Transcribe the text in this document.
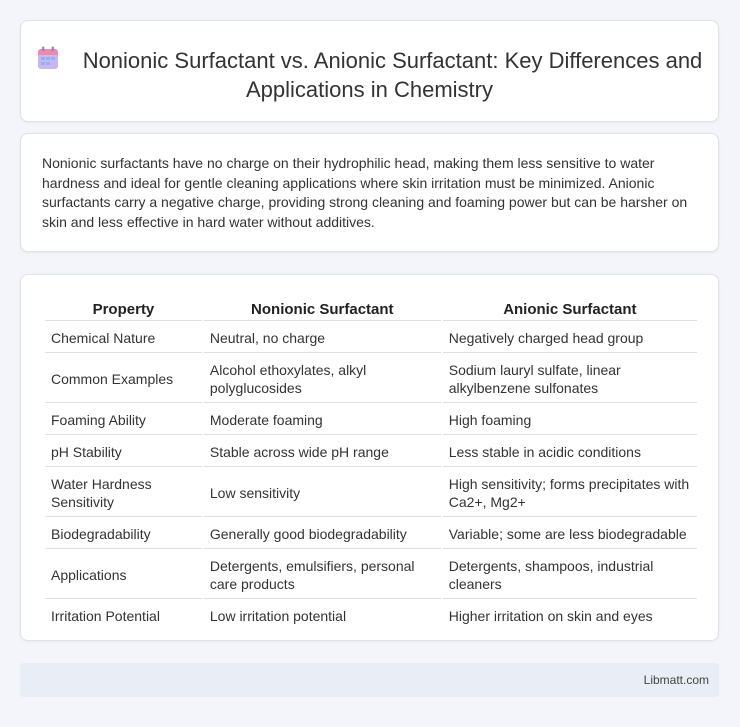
Nonionic Surfactant vs. Anionic Surfactant: Key Differences and Applications in Chemistry

Nonionic surfactants have no charge on their hydrophilic head, making them less sensitive to water hardness and ideal for gentle cleaning applications where skin irritation must be minimized. Anionic surfactants carry a negative charge, providing strong cleaning and foaming power but can be harsher on skin and less effective in hard water without additives.

Property	Nonionic Surfactant	Anionic Surfactant
Chemical Nature	Neutral, no charge	Negatively charged head group
Common Examples	Alcohol ethoxylates, alkyl polyglucosides	Sodium lauryl sulfate, linear alkylbenzene sulfonates
Foaming Ability	Moderate foaming	High foaming
pH Stability	Stable across wide pH range	Less stable in acidic conditions
Water Hardness Sensitivity	Low sensitivity	High sensitivity; forms precipitates with Ca2+, Mg2+
Biodegradability	Generally good biodegradability	Variable; some are less biodegradable
Applications	Detergents, emulsifiers, personal care products	Detergents, shampoos, industrial cleaners
Irritation Potential	Low irritation potential	Higher irritation on skin and eyes
Libmatt.com
